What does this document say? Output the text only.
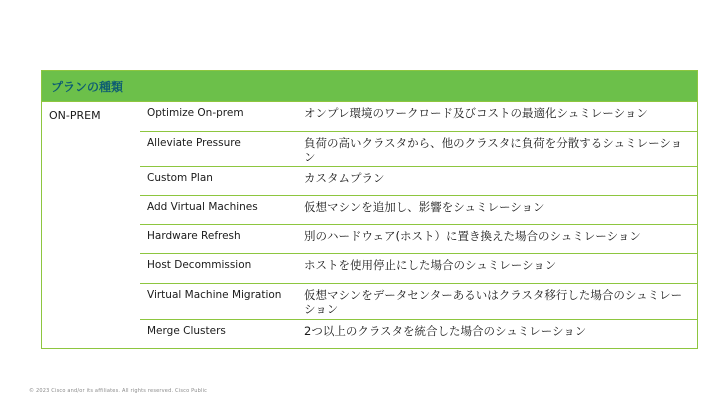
プランの種類
ON-PREM	Optimize On-prem	オンプレ環境のワークロード及びコストの最適化シュミレーション
Alleviate Pressure	負荷の高いクラスタから、他のクラスタに負荷を分散するシュミレーション
Custom Plan	カスタムプラン
Add Virtual Machines	仮想マシンを追加し、影響をシュミレーション
Hardware Refresh	別のハードウェア(ホスト）に置き換えた場合のシュミレーション
Host Decommission	ホストを使用停止にした場合のシュミレーション
Virtual Machine Migration 仮想マシンをデータセンターあるいはクラスタ移行した場合のシュミレーション
Merge Clusters	2つ以上のクラスタを統合した場合のシュミレーション
© 2023 Cisco and/or its affiliates. All rights reserved. Cisco Public
